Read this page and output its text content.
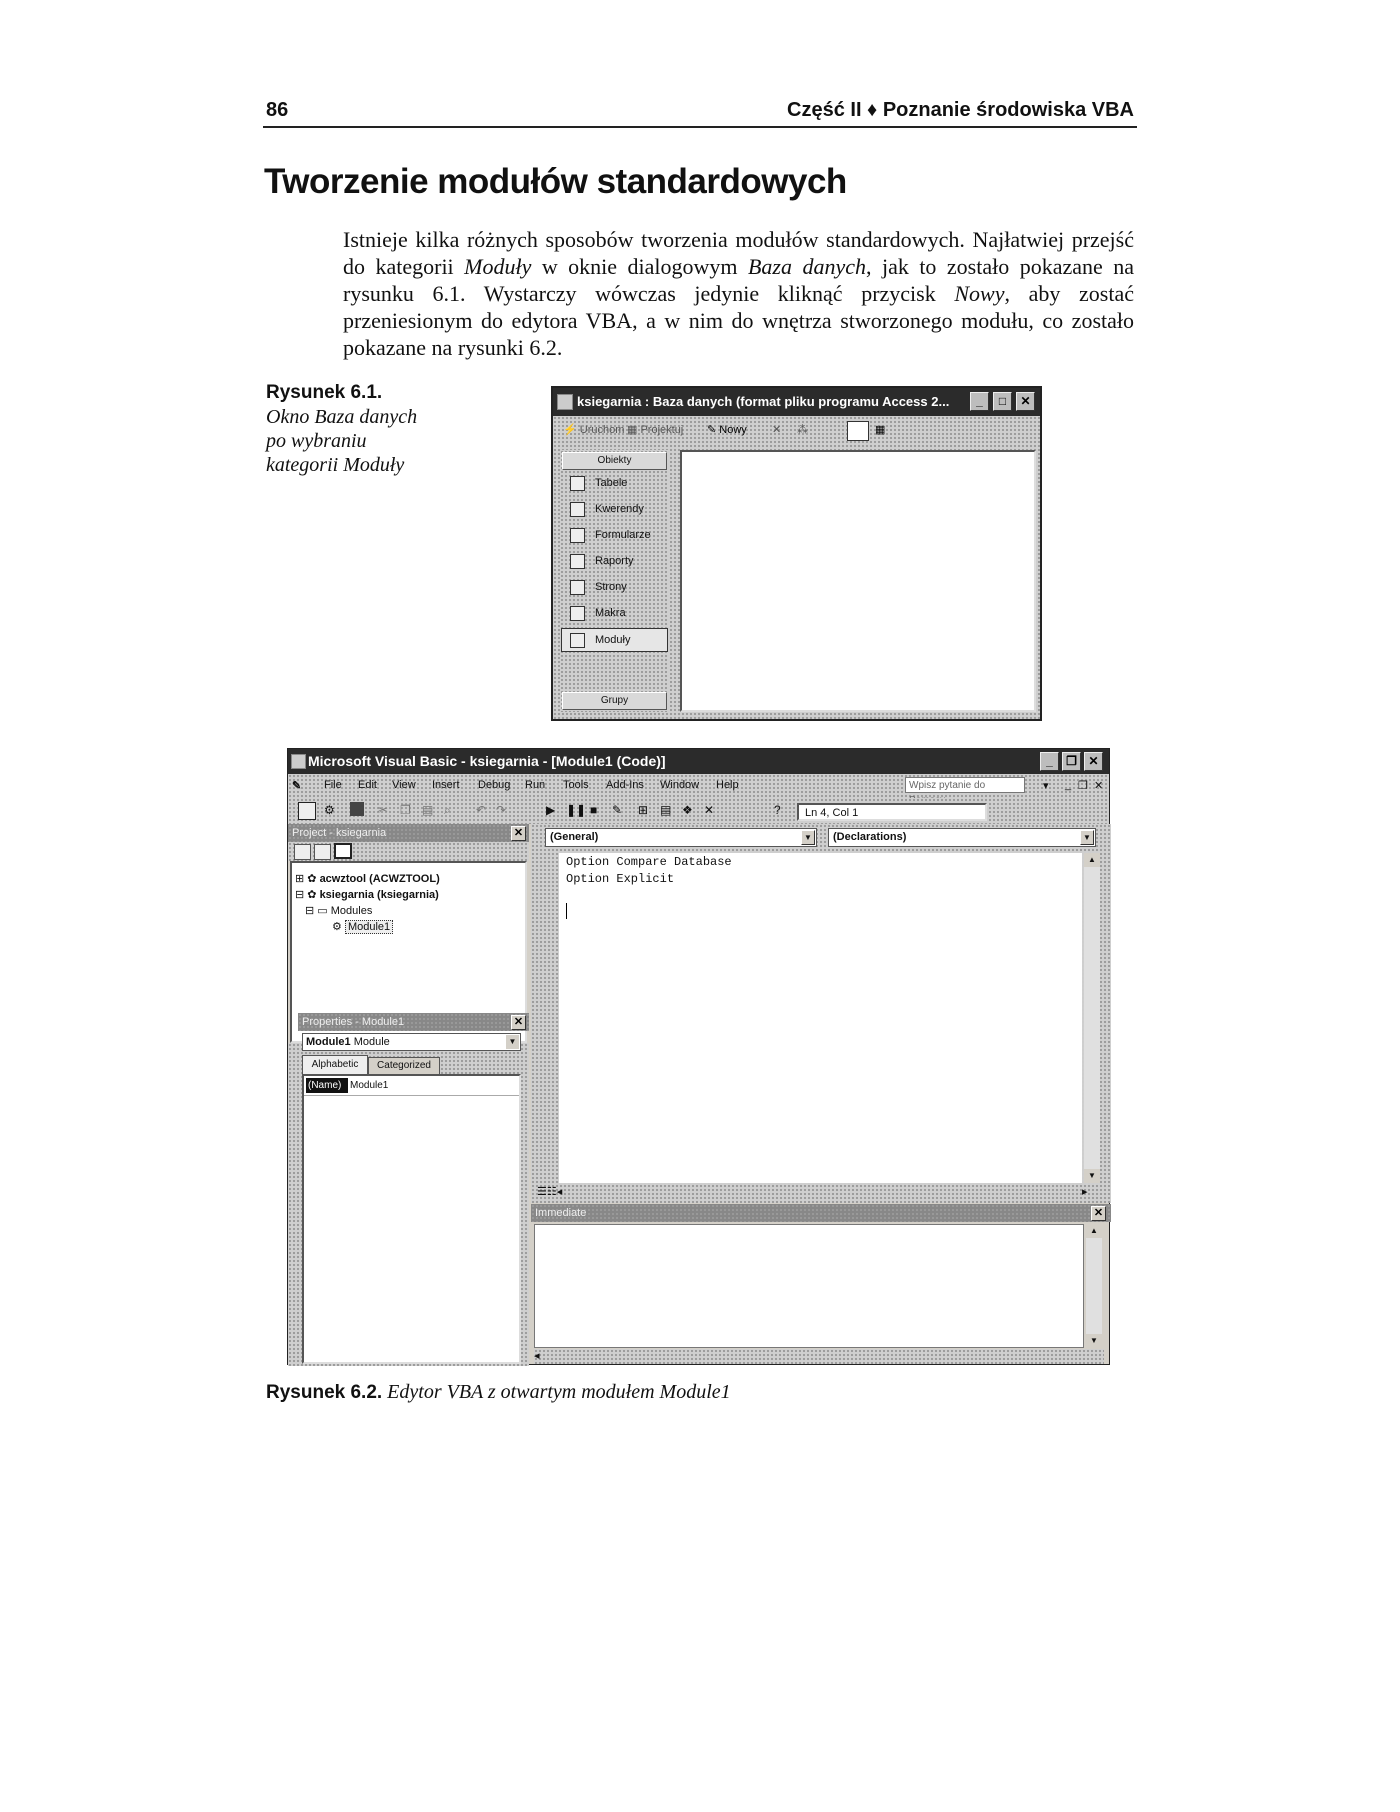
86	Część II ♦ Poznanie środowiska VBA
Tworzenie modułów standardowych
Istnieje kilka różnych sposobów tworzenia modułów standardowych. Najłatwiej przejść do kategorii Moduły w oknie dialogowym Baza danych, jak to zostało pokazane na rysunku 6.1. Wystarczy wówczas jedynie kliknąć przycisk Nowy, aby zostać przeniesionym do edytora VBA, a w nim do wnętrza stworzonego modułu, co zostało pokazane na rysunki 6.2.
Rysunek 6.1.
Okno Baza danych
po wybraniu
kategorii Moduły
ksiegarnia : Baza danych (format pliku programu Access 2...	_	□	✕
⚡ Uruchom ▦ Projektuj ✎ Nowy ✕ ⁂	▦
Obiekty
Tabele
Kwerendy
Formularze
Raporty
Strony
Makra
Moduły
Grupy
Microsoft Visual Basic - ksiegarnia - [Module1 (Code)]	_	❐ ✕
✎ File Edit View Insert Debug Run Tools Add-Ins Window Help	Wpisz pytanie do	▾ _ ❐ ✕
⚙	✂ ❐ ▤ ⌕ ↶ ↷	▶ ❚❚ ■ ✎ ⊞ ▤ ❖ ✕	?	Ln 4, Col 1
Project - ksiegarnia	✕
⊞ ✿ acwztool (ACWZTOOL)
⊟ ✿ ksiegarnia (ksiegarnia)
⊟ ▭ Modules
⚙ Module1
Properties - Module1	✕
Module1 Module	▼
Alphabetic	Categorized
(Name) Module1
(General)	▼	(Declarations)	▼
Option Compare Database
Option Explicit
▲
▼
☰☷◂	▸
Immediate	✕
▲
▼
◂
Rysunek 6.2. Edytor VBA z otwartym modułem Module1
